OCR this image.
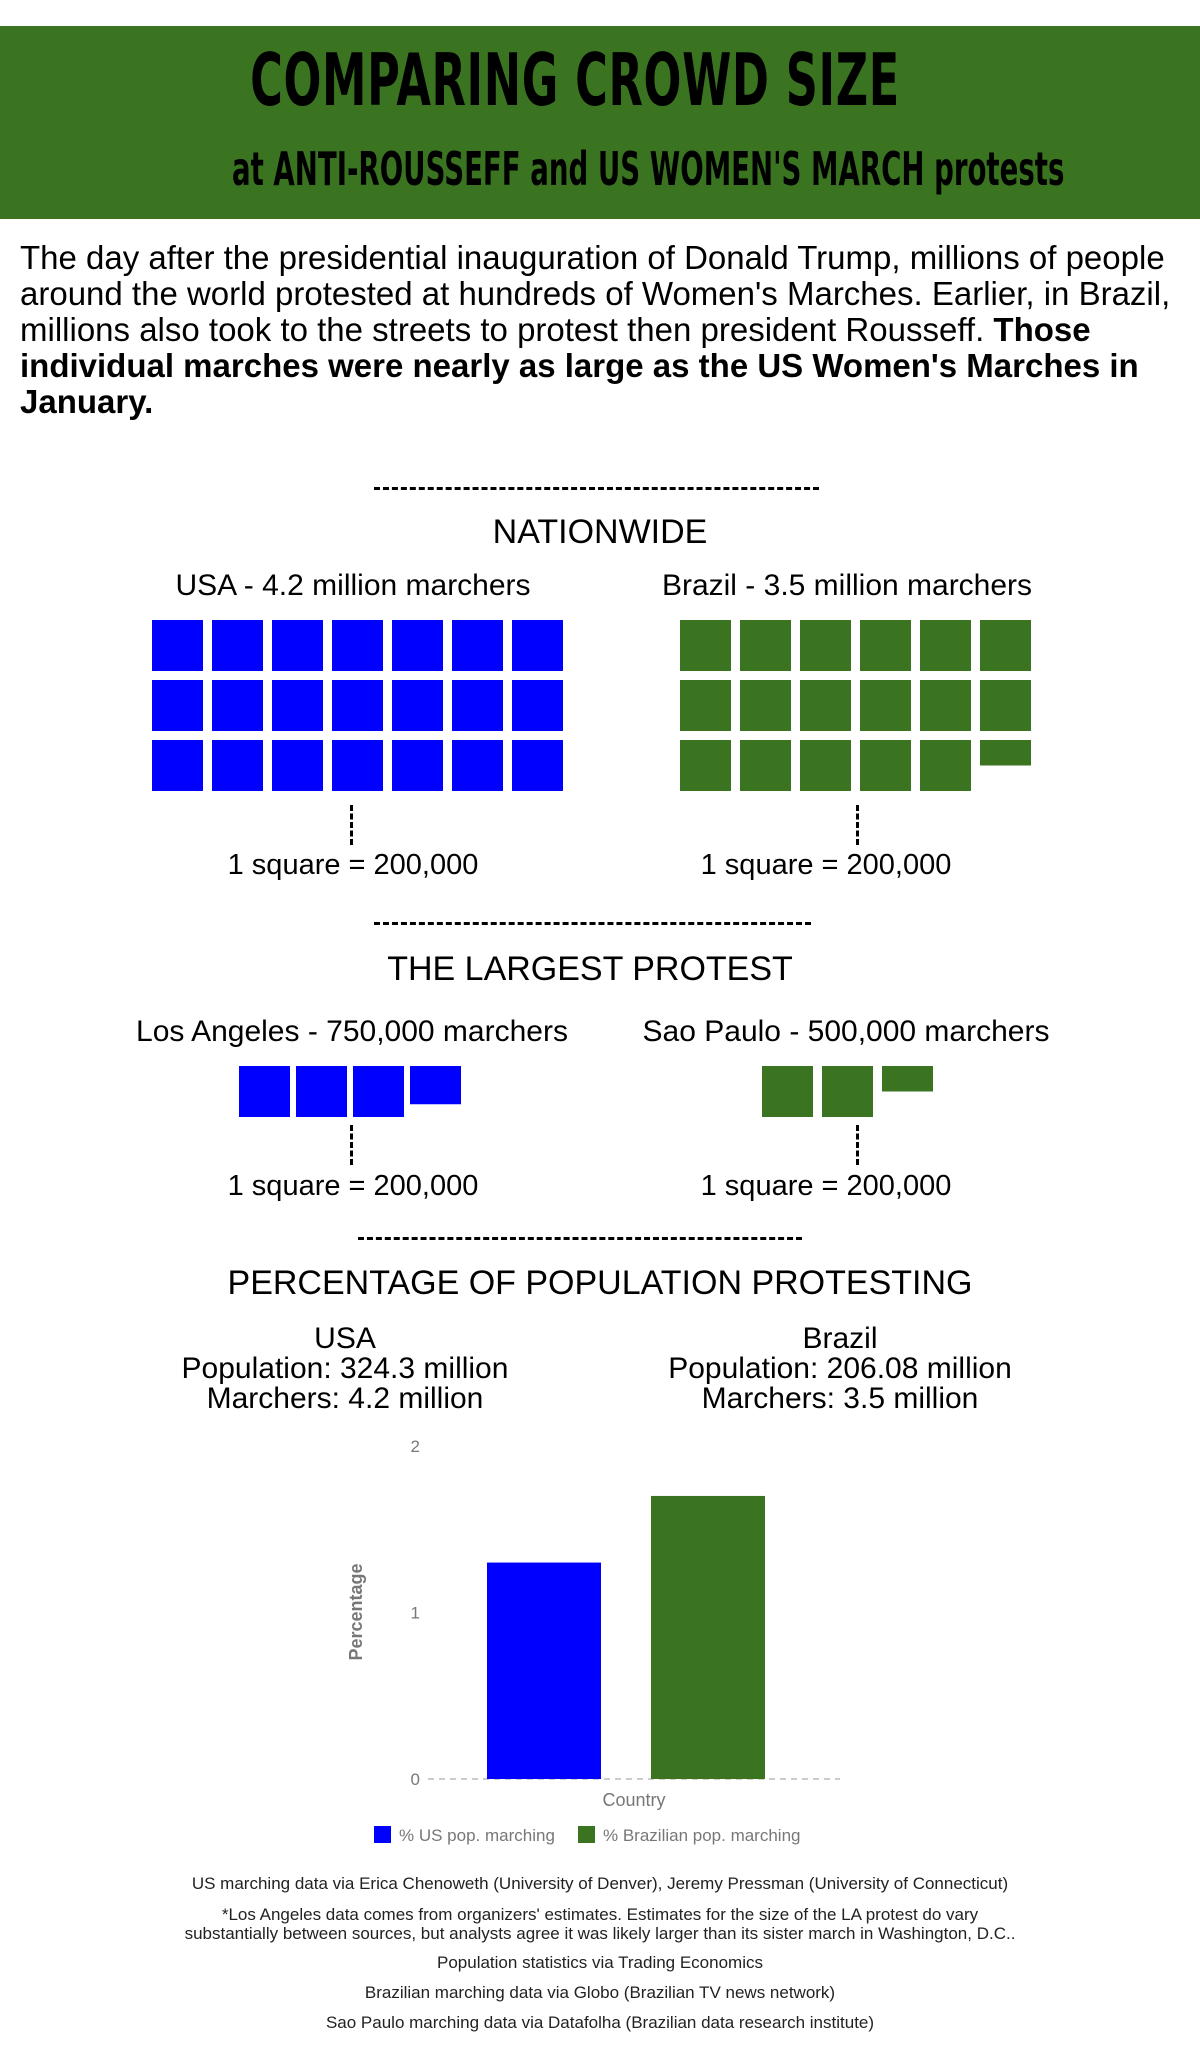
COMPARING CROWD SIZE
at ANTI-ROUSSEFF and US WOMEN'S MARCH protests
The day after the presidential inauguration of Donald Trump, millions of people around the world protested at hundreds of Women's Marches. Earlier, in Brazil, millions also took to the streets to protest then president Rousseff. Those individual marches were nearly as large as the US Women's Marches in January.
NATIONWIDE
USA - 4.2 million marchers	Brazil - 3.5 million marchers
1 square = 200,000	1 square = 200,000
THE LARGEST PROTEST
Los Angeles - 750,000 marchers	Sao Paulo - 500,000 marchers
1 square = 200,000	1 square = 200,000
PERCENTAGE OF POPULATION PROTESTING
USA
Population: 324.3 million
Marchers: 4.2 million
Brazil
Population: 206.08 million
Marchers: 3.5 million
0
1
2
Percentage
Country
% US pop. marching	% Brazilian pop. marching
US marching data via Erica Chenoweth (University of Denver), Jeremy Pressman (University of Connecticut)
*Los Angeles data comes from organizers' estimates. Estimates for the size of the LA protest do vary
substantially between sources, but analysts agree it was likely larger than its sister march in Washington, D.C..
Population statistics via Trading Economics
Brazilian marching data via Globo (Brazilian TV news network)
Sao Paulo marching data via Datafolha (Brazilian data research institute)
